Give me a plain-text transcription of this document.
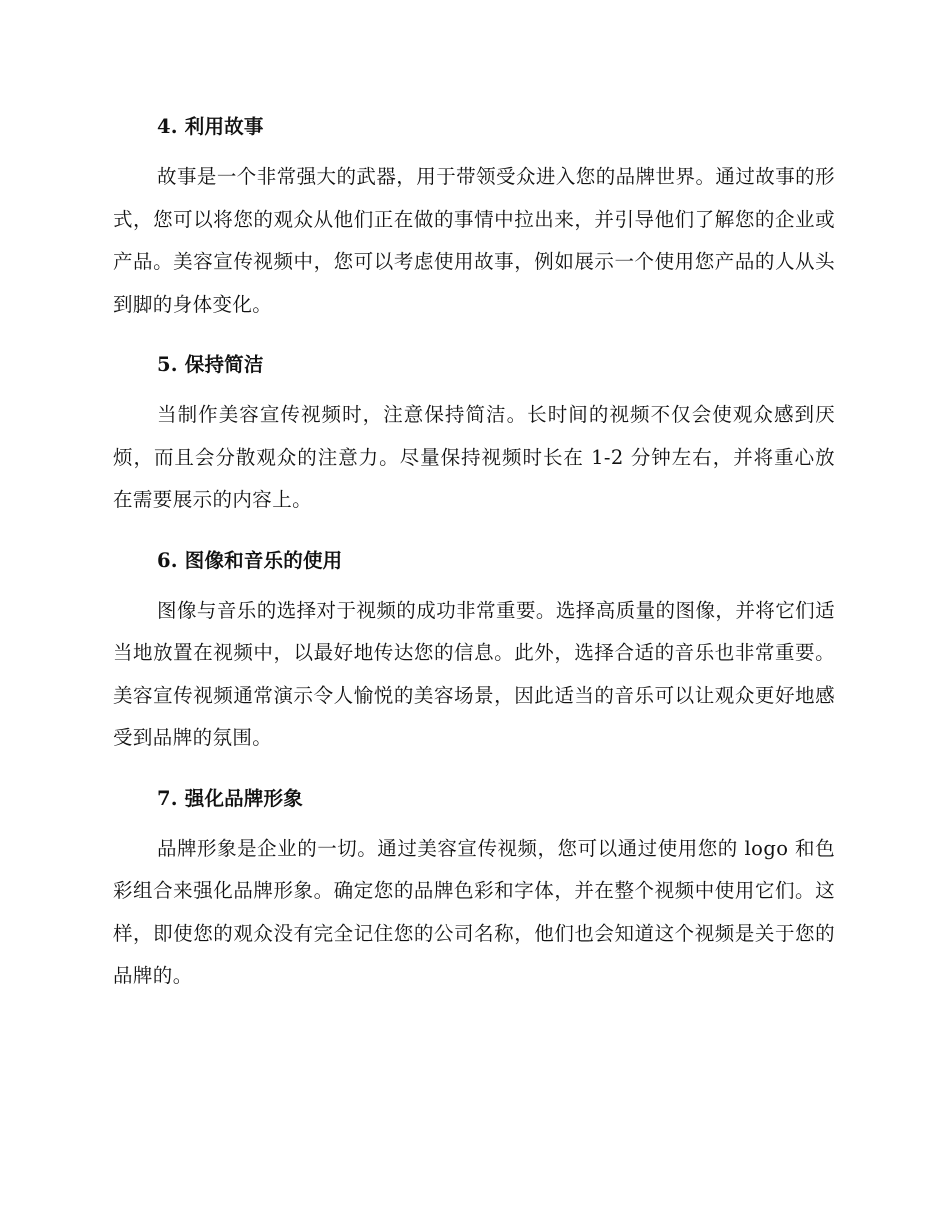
4. 利用故事

故事是一个非常强大的武器，用于带领受众进入您的品牌世界。通过故事的形式，您可以将您的观众从他们正在做的事情中拉出来，并引导他们了解您的企业或产品。美容宣传视频中，您可以考虑使用故事，例如展示一个使用您产品的人从头到脚的身体变化。

5. 保持简洁

当制作美容宣传视频时，注意保持简洁。长时间的视频不仅会使观众感到厌烦，而且会分散观众的注意力。尽量保持视频时长在 1-2 分钟左右，并将重心放在需要展示的内容上。

6. 图像和音乐的使用

图像与音乐的选择对于视频的成功非常重要。选择高质量的图像，并将它们适当地放置在视频中，以最好地传达您的信息。此外，选择合适的音乐也非常重要。美容宣传视频通常演示令人愉悦的美容场景，因此适当的音乐可以让观众更好地感受到品牌的氛围。

7. 强化品牌形象

品牌形象是企业的一切。通过美容宣传视频，您可以通过使用您的 logo 和色彩组合来强化品牌形象。确定您的品牌色彩和字体，并在整个视频中使用它们。这样，即使您的观众没有完全记住您的公司名称，他们也会知道这个视频是关于您的品牌的。
